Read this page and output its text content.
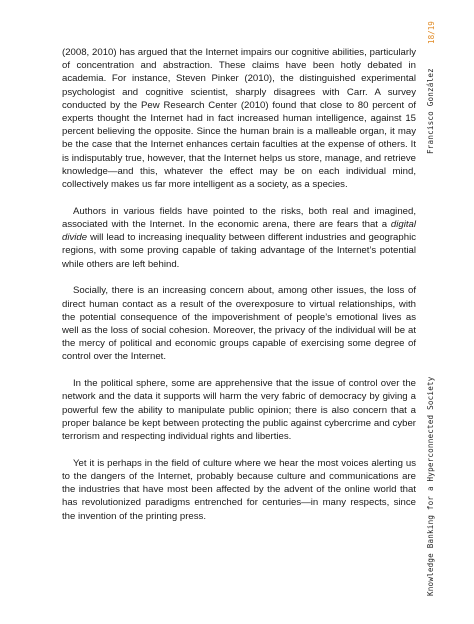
18/19
Francisco González
Knowledge Banking for a Hyperconnected Society

(2008, 2010) has argued that the Internet impairs our cognitive abilities, particularly of concentration and abstraction. These claims have been hotly debated in academia. For instance, Steven Pinker (2010), the distinguished experimental psychologist and cognitive scientist, sharply disagrees with Carr. A survey conducted by the Pew Research Center (2010) found that close to 80 percent of experts thought the Internet had in fact increased human intelligence, against 15 percent believing the opposite. Since the human brain is a malleable organ, it may be the case that the Internet enhances certain faculties at the expense of others. It is indisputably true, however, that the Internet helps us store, manage, and retrieve knowledge—and this, whatever the effect may be on each individual mind, collectively makes us far more intelligent as a society, as a species.

Authors in various fields have pointed to the risks, both real and imagined, associated with the Internet. In the economic arena, there are fears that a digital divide will lead to increasing inequality between different industries and geographic regions, with some proving capable of taking advantage of the Internet’s potential while others are left behind.

Socially, there is an increasing concern about, among other issues, the loss of direct human contact as a result of the overexposure to virtual relationships, with the potential consequence of the impoverishment of people’s emotional lives as well as the loss of social cohesion. Moreover, the privacy of the individual will be at the mercy of political and economic groups capable of exercising some degree of control over the Internet.

In the political sphere, some are apprehensive that the issue of control over the network and the data it supports will harm the very fabric of democracy by giving a powerful few the ability to manipulate public opinion; there is also concern that a proper balance be kept between protecting the public against cybercrime and cyber terrorism and respecting individual rights and liberties.

Yet it is perhaps in the field of culture where we hear the most voices alerting us to the dangers of the Internet, probably because culture and communications are the industries that have most been affected by the advent of the online world that has revolutionized paradigms entrenched for centuries—in many respects, since the invention of the printing press.
